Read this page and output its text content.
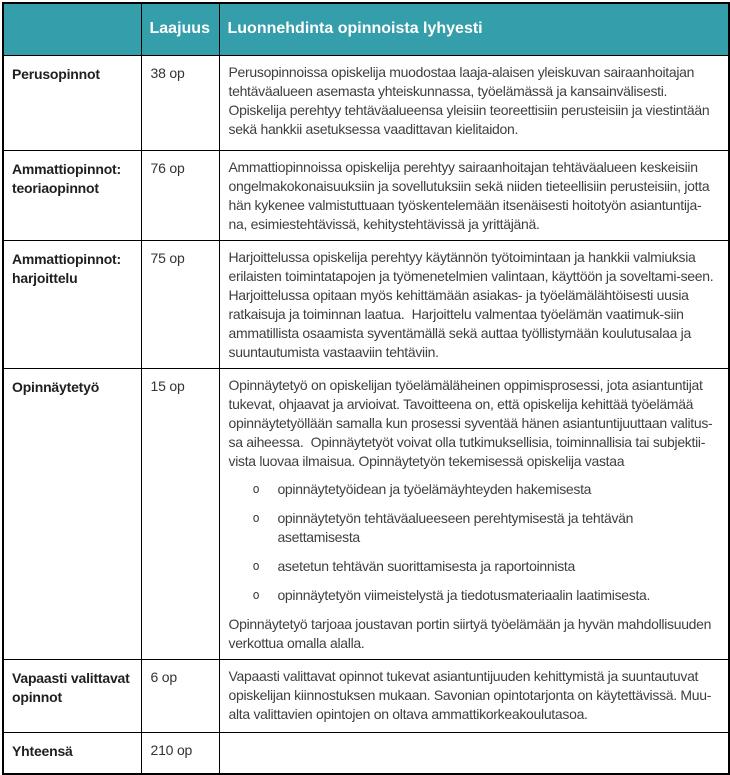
	Laajuus	Luonnehdinta opinnoista lyhyesti
Perusopinnot	38 op	Perusopinnoissa opiskelija muodostaa laaja-alaisen yleiskuvan sairaanhoitajan tehtäväalueen asemasta yhteiskunnassa, työelämässä ja kansainvälisesti. Opiskelija perehtyy tehtäväalueensa yleisiin teoreettisiin perusteisiin ja viestintään sekä hankkii asetuksessa vaadittavan kielitaidon.

Ammattiopinnot: teoriaopinnot	76 op	Ammattiopinnoissa opiskelija perehtyy sairaanhoitajan tehtäväalueen keskeisiin ongelmakokonaisuuksiin ja sovellutuksiin sekä niiden tieteellisiin perusteisiin, jotta hän kykenee valmistuttuaan työskentelemään itsenäisesti hoitotyön asiantuntija-na, esimiestehtävissä, kehitystehtävissä ja yrittäjänä.

Ammattiopinnot: harjoittelu	75 op	Harjoittelussa opiskelija perehtyy käytännön työtoimintaan ja hankkii valmiuksia erilaisten toimintatapojen ja työmenetelmien valintaan, käyttöön ja soveltami-seen.  Harjoittelussa opitaan myös kehittämään asiakas- ja työelämälähtöisesti uusia ratkaisuja ja toiminnan laatua.  Harjoittelu valmentaa työelämän vaatimuk-siin ammatillista osaamista syventämällä sekä auttaa työllistymään koulutusalaa ja suuntautumista vastaaviin tehtäviin.

Opinnäytetyö	15 op	Opinnäytetyö on opiskelijan työelämäläheinen oppimisprosessi, jota asiantuntijat tukevat, ohjaavat ja arvioivat. Tavoitteena on, että opiskelija kehittää työelämää opinnäytetyöllään samalla kun prosessi syventää hänen asiantuntijuuttaan valitus-sa aiheessa.  Opinnäytetyöt voivat olla tutkimuksellisia, toiminnallisia tai subjektii-vista luovaa ilmaisua. Opinnäytetyön tekemisessä opiskelija vastaa

o opinnäytetyöidean ja työelämäyhteyden hakemisesta
o opinnäytetyön tehtäväalueeseen perehtymisestä ja tehtävän asettamisesta
o asetetun tehtävän suorittamisesta ja raportoinnista
o opinnäytetyön viimeistelystä ja tiedotusmateriaalin laatimisesta.

Opinnäytetyö tarjoaa joustavan portin siirtyä työelämään ja hyvän mahdollisuuden verkottua omalla alalla.

Vapaasti valittavat opinnot	6 op	Vapaasti valittavat opinnot tukevat asiantuntijuuden kehittymistä ja suuntautuvat opiskelijan kiinnostuksen mukaan. Savonian opintotarjonta on käytettävissä. Muu-alta valittavien opintojen on oltava ammattikorkeakoulutasoa.

Yhteensä	210 op	
